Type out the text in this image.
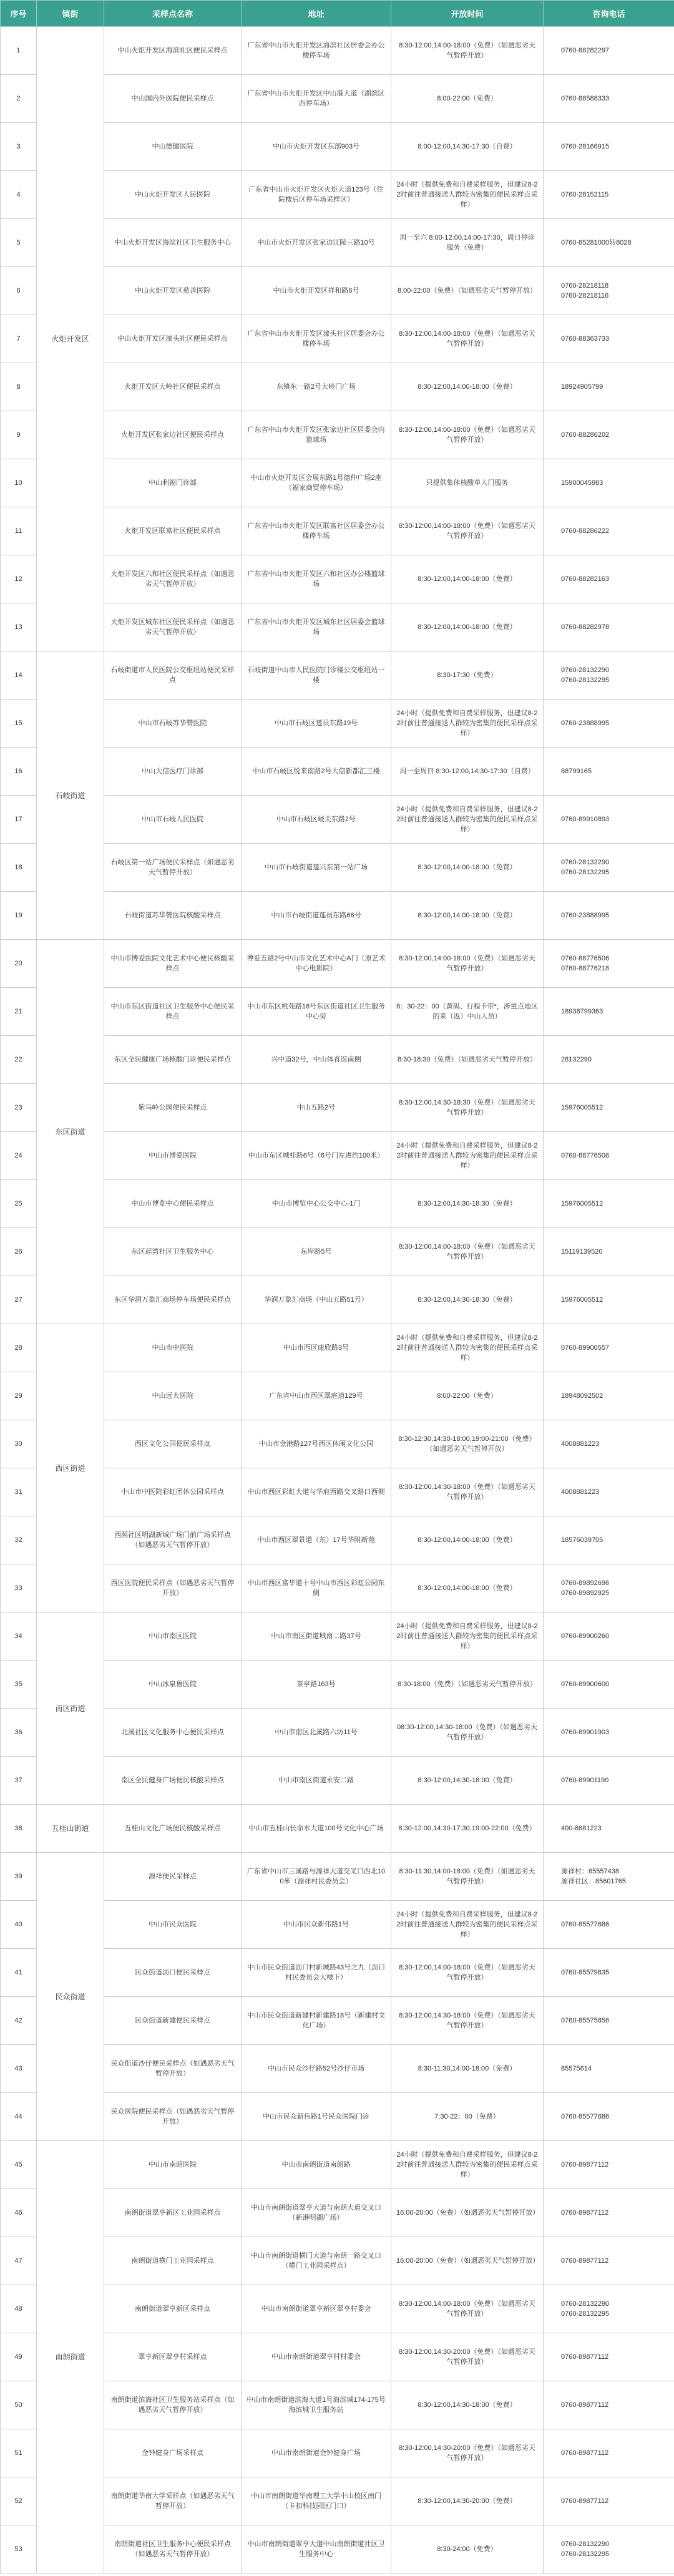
序号	镇街	采样点名称	地址	开放时间	咨询电话
1	火炬开发区	中山火炬开发区海滨社区便民采样点	广东省中山市火炬开发区海滨社区居委会办公楼停车场	8:30-12:00,14:00-18:00（免费）（如遇恶劣天气暂停开放）	0760-88282297
2		中山国内外医院便民采样点	广东省中山市火炬开发区中山港大道（湖滨区西停车场）	8:00-22:00（免费）	0760-88588333
3		中山德健医院	中山市火炬开发区东部903号	8:00-12:00,14:30-17:30（自费）	0760-28166915
4		中山火炬开发区人民医院	广东省中山市火炬开发区火炬大道123号（住院楼后区停车场采样区）	24小时（提供免费和自费采样服务，但建议8-22时前往普通接送人群较为密集的便民采样点采样）	0760-28152115
5		中山火炬开发区海滨社区卫生服务中心	中山市火炬开发区张家边江陵三路10号	周一至六 8:00-12:00,14:00-17:30，周日停诊服务（免费）	0760-85281000转8028
6		中山火炬开发区慈善医院	中山市火炬开发区祥和路6号	8:00-22:00（免费）（如遇恶劣天气暂停开放）	0760-28218118
0760-28218116
7		中山火炬开发区濠头社区便民采样点	广东省中山市火炬开发区濠头社区居委会办公楼停车场	8:30-12:00,14:00-18:00（免费）（如遇恶劣天气暂停开放）	0760-88363733
8		火炬开发区大岭社区便民采样点	东镇东一路2号大岭门广场	8:30-12:00,14:00-18:00（免费）	18924905799
9		火炬开发区张家边社区便民采样点	广东省中山市火炬开发区张家边社区居委会内篮球场	8:30-12:00,14:00-18:00（免费）（如遇恶劣天气暂停开放）	0760-88286202
10		中山利福门诊部	中山市火炬开发区会展东路1号德仲广场2座（福家商贸停车场）	只提供集体核酸单人门服务	15900045983
11		火炬开发区联富社区便民采样点	广东省中山市火炬开发区联富社区居委会办公楼停车场	8:30-12:00,14:00-18:00（免费）（如遇恶劣天气暂停开放）	0760-88286222
12		火炬开发区六和社区便民采样点（如遇恶劣天气暂停开放）	广东省中山市火炬开发区六和社区办公楼篮球场	8:30-12:00,14:00-18:00（免费）	0760-88282163
13		火炬开发区城东社区便民采样点（如遇恶劣天气暂停开放）	广东省中山市火炬开发区城东社区居委会篮球场	8:30-12:00,14:00-18:00（免费）	0760-88282978
14	石岐街道	石岐街道市人民医院公交枢纽站便民采样点	石岐街道中山市人民医院门诊楼公交枢纽站一楼	8:30-17:30（免费）	0760-28132290
0760-28132295
15		中山市石岐苏华赞医院	中山市石岐区莲员东路19号	24小时（提供免费和自费采样服务，但建议8-22时前往普通接送人群较为密集的便民采样点采样）	0760-23888995
16		中山大信医疗门诊部	中山市石岐区悦来南路2号大信新都汇三楼	周一至周日 8:30-12:00,14:30-17:30（自费）	88799165
17		中山市石岐人民医院	中山市石岐区岐关东路2号	24小时（提供免费和自费采样服务，但建议8-22时前往普通接送人群较为密集的便民采样点采样）	0760-89910893
18		石岐区第一站广场便民采样点（如遇恶劣天气暂停开放）	中山市石岐街道莲兴东第一站广场	8:30-12:00,14:00-18:00（免费）	0760-28132290
0760-28132295
19		石岐街道苏华赞医院核酸采样点	中山市石岐街道莲员东路66号	8:30-12:00,14:00-18:00（免费）	0760-23888995
20	东区街道	中山市博爱医院文化艺术中心便民核酸采样点	博爱五路2号中山市文化艺术中心A门（原艺术中心电影院）	8:30-12:00,14:00-18:00（免费）（如遇恶劣天气暂停开放）	0760-88776506
0760-88776218
21		中山市东区街道社区卫生服务中心便民采样点	中山市东区桃苑路16号东区街道社区卫生服务中心旁	8：30-22：00（黄码、行程卡带*，涉重点地区的来（返）中山人员）	18938799363
22		东区全民健康广场核酸门诊便民采样点	兴中道32号，中山体育馆南侧	8:30-18:30（免费）（如遇恶劣天气暂停开放）	28132290
23		紫马岭公园便民采样点	中山五路2号	8:30-12:00,14:30-18:30（免费）（如遇恶劣天气暂停开放）	15976005512
24		中山市博爱医院	中山市东区城桂路6号（6号门左进约100米）	24小时（提供免费和自费采样服务，但建议8-22时前往普通接送人群较为密集的便民采样点采样）	0760-88776506
25		中山市博览中心便民采样点	中山市博览中心公交中心-1门	8:30-12:00,14:30-18:30（免费）	15976005512
26		东区起湾社区卫生服务中心	东岸路5号	8:30-12:00,14:00-18:00（免费）（如遇恶劣天气暂停开放）	15119139520
27		东区华润万象汇商场停车场便民采样点	华润万象汇商场（中山五路51号）	8:30-12:00,14:30-18:30（免费）	15976005512
28	西区街道	中山市中医院	中山市西区康欣路3号	24小时（提供免费和自费采样服务，但建议8-22时前往普通接送人群较为密集的便民采样点采样）	0760-89900557
29		中山远大医院	广东省中山市西区翠庭道129号	8:00-22:00（免费）	18948092502
30		西区文化公园便民采样点	中山市金港路127号西区休闲文化公园	8:30-12:30,14:30-18:00,19:00-21:00（免费）（如遇恶劣天气暂停开放）	4008881223
31		中山市中医院彩虹团体公园采样点	中山市西区彩虹大道与华府西路交叉路口西侧	8:30-12:00,14:30-18:00（免费）（如遇恶劣天气暂停开放）	4008881223
32		西照社区明湖新城广场门前广场采样点（如遇恶劣天气暂停开放）	中山市西区翠景道（东）17号华附新苑	8:30-12:00,14:00-18:00（免费）	18576039705
33		西区医院便民采样点（如遇恶劣天气暂停开放）	中山市西区富华道十号中山市西区彩虹公园东侧	8:30-12:00,14:00-18:00（免费）	0760-89892696
0760-89892925
34	南区街道	中山市南区医院	中山市南区街道城南二路37号	24小时（提供免费和自费采样服务，但建议8-22时前往普通接送人群较为密集的便民采样点采样）	0760-89900260
35		中山冰泉鲁医院	茶亭路163号	8:30-18:00（免费）（如遇恶劣天气暂停开放）	0760-89900600
36		北溪社区文化服务中心便民采样点	中山市南区北溪路六坊11号	08:30-12:00,14:30-18:00（免费）（如遇恶劣天气暂停开放）	0760-89901903
37		南区全民健身广场便民核酸采样点	中山市南区街道永安二路	8:30-12:00,14:30-18:00（免费）	0760-89901190
38	五桂山街道	五桂山文化广场便民核酸采样点	中山市五桂山长命水大道100号文化中心广场	8:30-12:00,14:30-17:30,19:00-22:00（免费）	400-8881223
39	民众街道	源祥便民采样点	广东省中山市三溪路与源祥大道交叉口西北100米（源祥村民委员会）	8:30-11:30,14:00-18:00（免费）（如遇恶劣天气暂停开放）	源祥村：85557438
源祥社区：85601765
40		中山市民众医院	中山市民众新伟路1号	24小时（提供免费和自费采样服务，但建议8-22时前往普通接送人群较为密集的便民采样点采样）	0760-85577686
41		民众街道沥口便民采样点	中山市民众街道沥口村新城路43号之九（沥口村民委员会大楼下）	8:30-12:00,14:00-18:00（免费）（如遇恶劣天气暂停开放）	0760-85579835
42		民众街道新建便民采样点	中山市民众街道新建村新建路18号（新建村文化广场）	8:30-12:00,14:30-18:00（免费）（如遇恶劣天气暂停开放）	0760-85575856
43		民众街道沙仔便民采样点（如遇恶劣天气暂停开放）	中山市民众沙仔路52号沙仔市场	8:30-11:30,14:00-18:00（免费）	85575614
44		民众医院便民采样点（如遇恶劣天气暂停开放）	中山市民众新伟路1号民众医院门诊	7:30-22：00（免费）	0760-85577686
45	南朗街道	中山市南朗医院	中山市南朗街道南朗路	24小时（提供免费和自费采样服务，但建议8-22时前往普通接送人群较为密集的便民采样点采样）	0760-89877112
46		南朗街道翠亨新区工业园采样点	中山市南朗街道翠亨大道与南朗大道交叉口（新港明湖广场）	16:00-20:00（免费）（如遇恶劣天气暂停开放）	0760-89877112
47		南朗街道横门工业园采样点	中山市南朗街道横门大道与南朗一路交叉口（横门工业园采样点）	16:00-20:00（免费）（如遇恶劣天气暂停开放）	0760-89877112
48		南朗街道翠亨新区采样点	中山市南朗街道翠亨新区翠亨村委会	8:30-12:00,14:00-18:00（免费）（如遇恶劣天气暂停开放）	0760-28132290
0760-28132295
49		翠亨新区翠亨村采样点	中山市南朗街道翠亨村村委会	8:30-12:00,14:30-20:00（免费）（如遇恶劣天气暂停开放）	0760-89877112
50		南朗街道滨海社区卫生服务站采样点（如遇恶劣天气暂停开放）	中山市南朗街道滨海大道1号海滨城174-175号海滨城卫生服务站	8:30-12:00,14:30-18:00（免费）	0760-89877112
51		金钟健身广场采样点	中山市南朗街道金钟健身广场	8:30-12:00,14:30-20:00（免费）（如遇恶劣天气暂停开放）	0760-89877112
52		南朗街道华南大学采样点（如遇恶劣天气暂停开放）	中山市南朗街道华南理工大学中山校区南门（卡扣科技园区门口）	8:30-12:00,14:30-20:00（免费）	0760-89877112
53		南朗街道社区卫生服务中心便民采样点（如遇恶劣天气暂停开放）	中山市南朗街道翠亨大道中山南朗街道社区卫生服务中心	8:30-24:00（免费）	0760-28132290
0760-28132295
